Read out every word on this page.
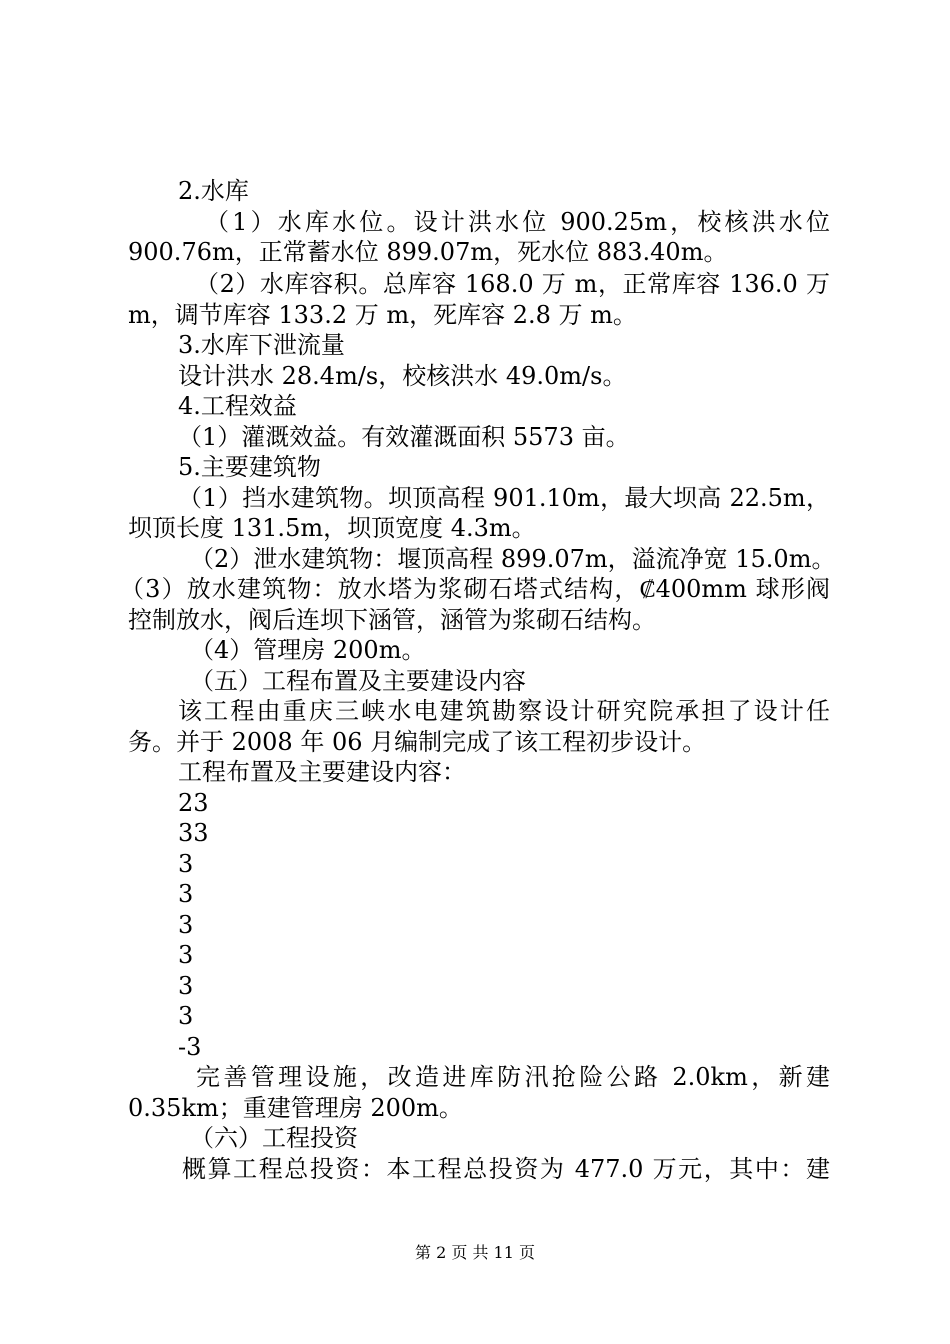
2.水库
（1）水库水位。设计洪水位 900.25m，校核洪水位
900.76m，正常蓄水位 899.07m，死水位 883.40m。
（2）水库容积。总库容 168.0 万 m，正常库容 136.0 万
m，调节库容 133.2 万 m，死库容 2.8 万 m。
3.水库下泄流量
设计洪水 28.4m/s，校核洪水 49.0m/s。
4.工程效益
（1）灌溉效益。有效灌溉面积 5573 亩。
5.主要建筑物
（1）挡水建筑物。坝顶高程 901.10m，最大坝高 22.5m，
坝顶长度 131.5m，坝顶宽度 4.3m。
（2）泄水建筑物：堰顶高程 899.07m，溢流净宽 15.0m。
（3）放水建筑物：放水塔为浆砌石塔式结构，₡400mm 球形阀
控制放水，阀后连坝下涵管，涵管为浆砌石结构。
（4）管理房 200m。
（五）工程布置及主要建设内容
该工程由重庆三峡水电建筑勘察设计研究院承担了设计任
务。并于 2008 年 06 月编制完成了该工程初步设计。
工程布置及主要建设内容：
23
33
3
3
3
3
3
3
-3
完善管理设施，改造进库防汛抢险公路 2.0km，新建
0.35km；重建管理房 200m。
（六）工程投资
概算工程总投资：本工程总投资为 477.0 万元，其中：建
第 2 页 共 11 页
